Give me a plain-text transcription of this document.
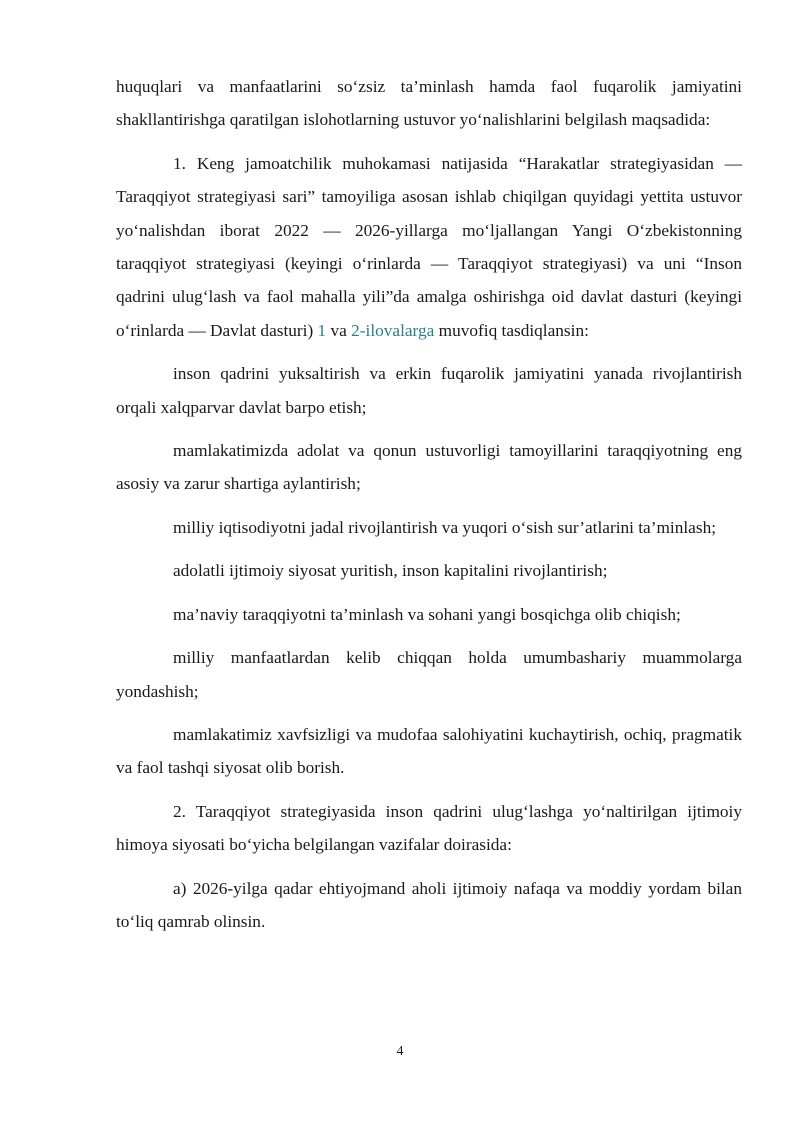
huquqlari va manfaatlarini so‘zsiz ta’minlash hamda faol fuqarolik jamiyatini shakllantirishga qaratilgan islohotlarning ustuvor yo‘nalishlarini belgilash maqsadida:

1. Keng jamoatchilik muhokamasi natijasida “Harakatlar strategiyasidan — Taraqqiyot strategiyasi sari” tamoyiliga asosan ishlab chiqilgan quyidagi yettita ustuvor yo‘nalishdan iborat 2022 — 2026-yillarga mo‘ljallangan Yangi O‘zbekistonning taraqqiyot strategiyasi (keyingi o‘rinlarda — Taraqqiyot strategiyasi) va uni “Inson qadrini ulug‘lash va faol mahalla yili”da amalga oshirishga oid davlat dasturi (keyingi o‘rinlarda — Davlat dasturi) 1 va 2-ilovalarga muvofiq tasdiqlansin:

inson qadrini yuksaltirish va erkin fuqarolik jamiyatini yanada rivojlantirish orqali xalqparvar davlat barpo etish;

mamlakatimizda adolat va qonun ustuvorligi tamoyillarini taraqqiyotning eng asosiy va zarur shartiga aylantirish;

milliy iqtisodiyotni jadal rivojlantirish va yuqori o‘sish sur’atlarini ta’minlash;

adolatli ijtimoiy siyosat yuritish, inson kapitalini rivojlantirish;

ma’naviy taraqqiyotni ta’minlash va sohani yangi bosqichga olib chiqish;

milliy manfaatlardan kelib chiqqan holda umumbashariy muammolarga yondashish;

mamlakatimiz xavfsizligi va mudofaa salohiyatini kuchaytirish, ochiq, pragmatik va faol tashqi siyosat olib borish.

2. Taraqqiyot strategiyasida inson qadrini ulug‘lashga yo‘naltirilgan ijtimoiy himoya siyosati bo‘yicha belgilangan vazifalar doirasida:

a) 2026-yilga qadar ehtiyojmand aholi ijtimoiy nafaqa va moddiy yordam bilan to‘liq qamrab olinsin.

4
